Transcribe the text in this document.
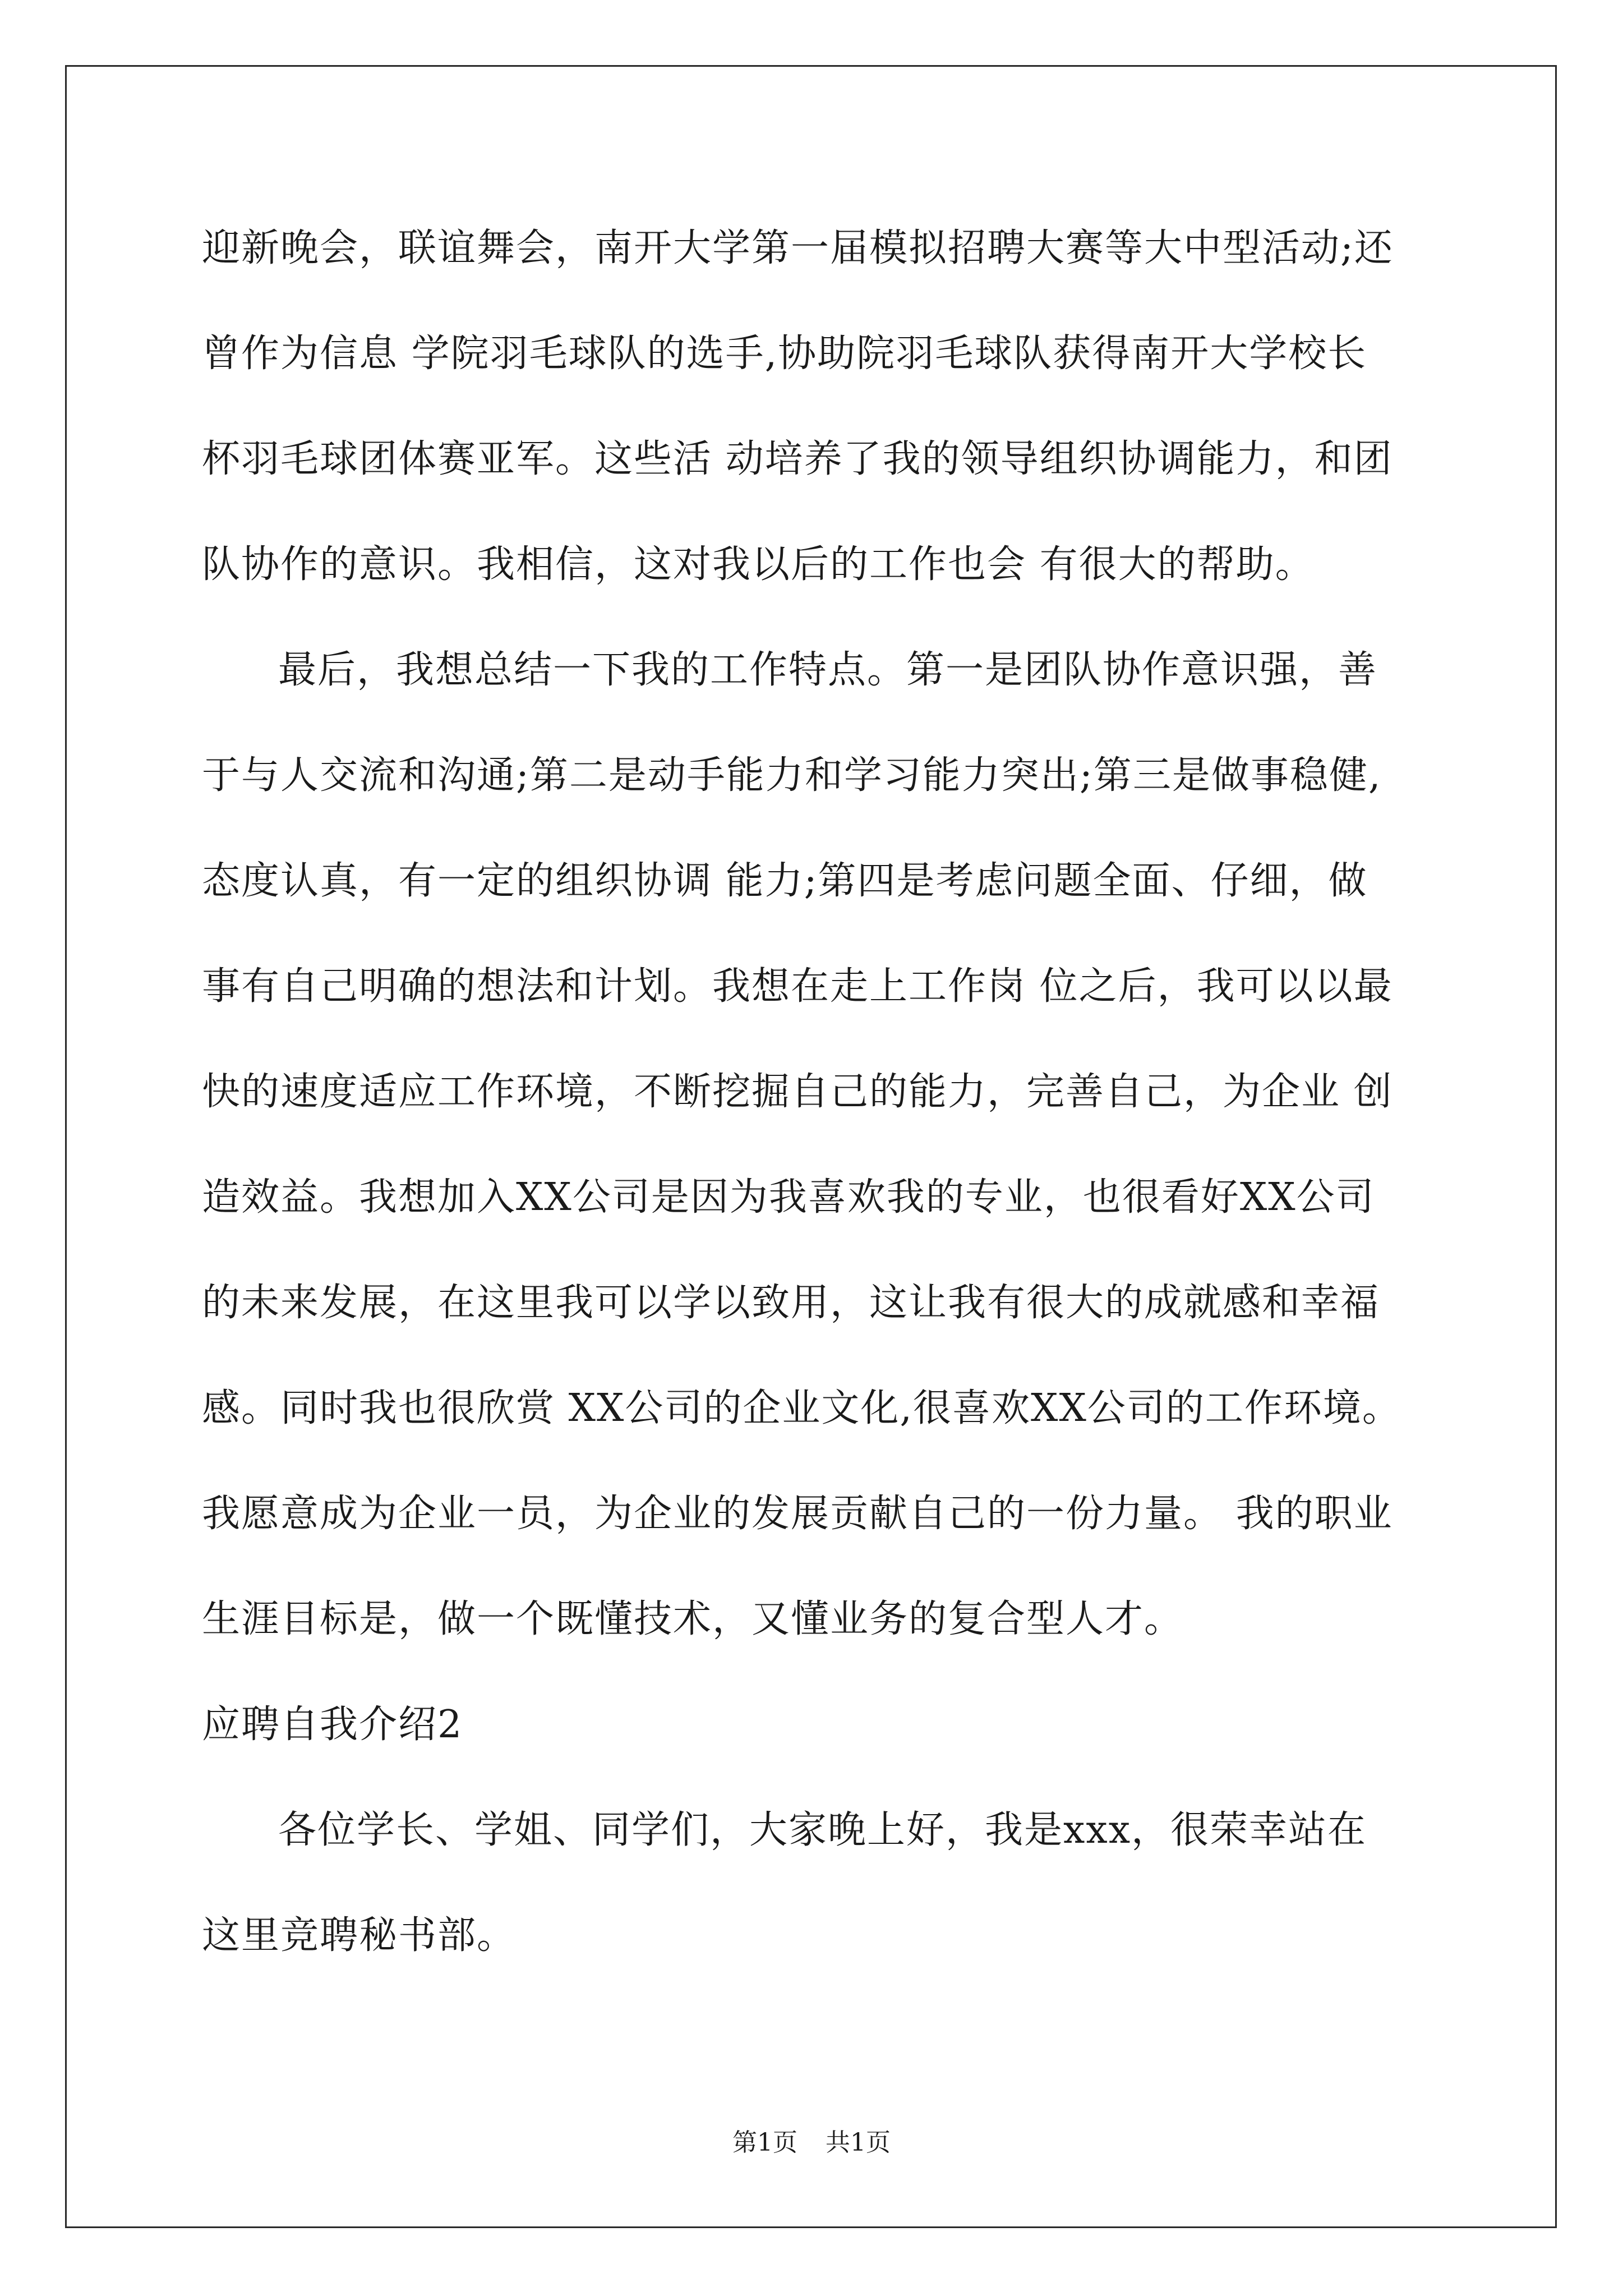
迎新晚会，联谊舞会，南开大学第一届模拟招聘大赛等大中型活动;还
曾作为信息 学院羽毛球队的选手,协助院羽毛球队获得南开大学校长
杯羽毛球团体赛亚军。这些活 动培养了我的领导组织协调能力，和团
队协作的意识。我相信，这对我以后的工作也会 有很大的帮助。
最后，我想总结一下我的工作特点。第一是团队协作意识强，善
于与人交流和沟通;第二是动手能力和学习能力突出;第三是做事稳健,
态度认真，有一定的组织协调 能力;第四是考虑问题全面、仔细，做
事有自己明确的想法和计划。我想在走上工作岗 位之后，我可以以最
快的速度适应工作环境，不断挖掘自己的能力，完善自己，为企业 创
造效益。我想加入XX公司是因为我喜欢我的专业，也很看好XX公司
的未来发展，在这里我可以学以致用，这让我有很大的成就感和幸福
感。同时我也很欣赏 XX公司的企业文化,很喜欢XX公司的工作环境。
我愿意成为企业一员，为企业的发展贡献自己的一份力量。 我的职业
生涯目标是，做一个既懂技术，又懂业务的复合型人才。
应聘自我介绍2
各位学长、学姐、同学们，大家晚上好，我是xxx，很荣幸站在
这里竞聘秘书部。
第1页 共1页
